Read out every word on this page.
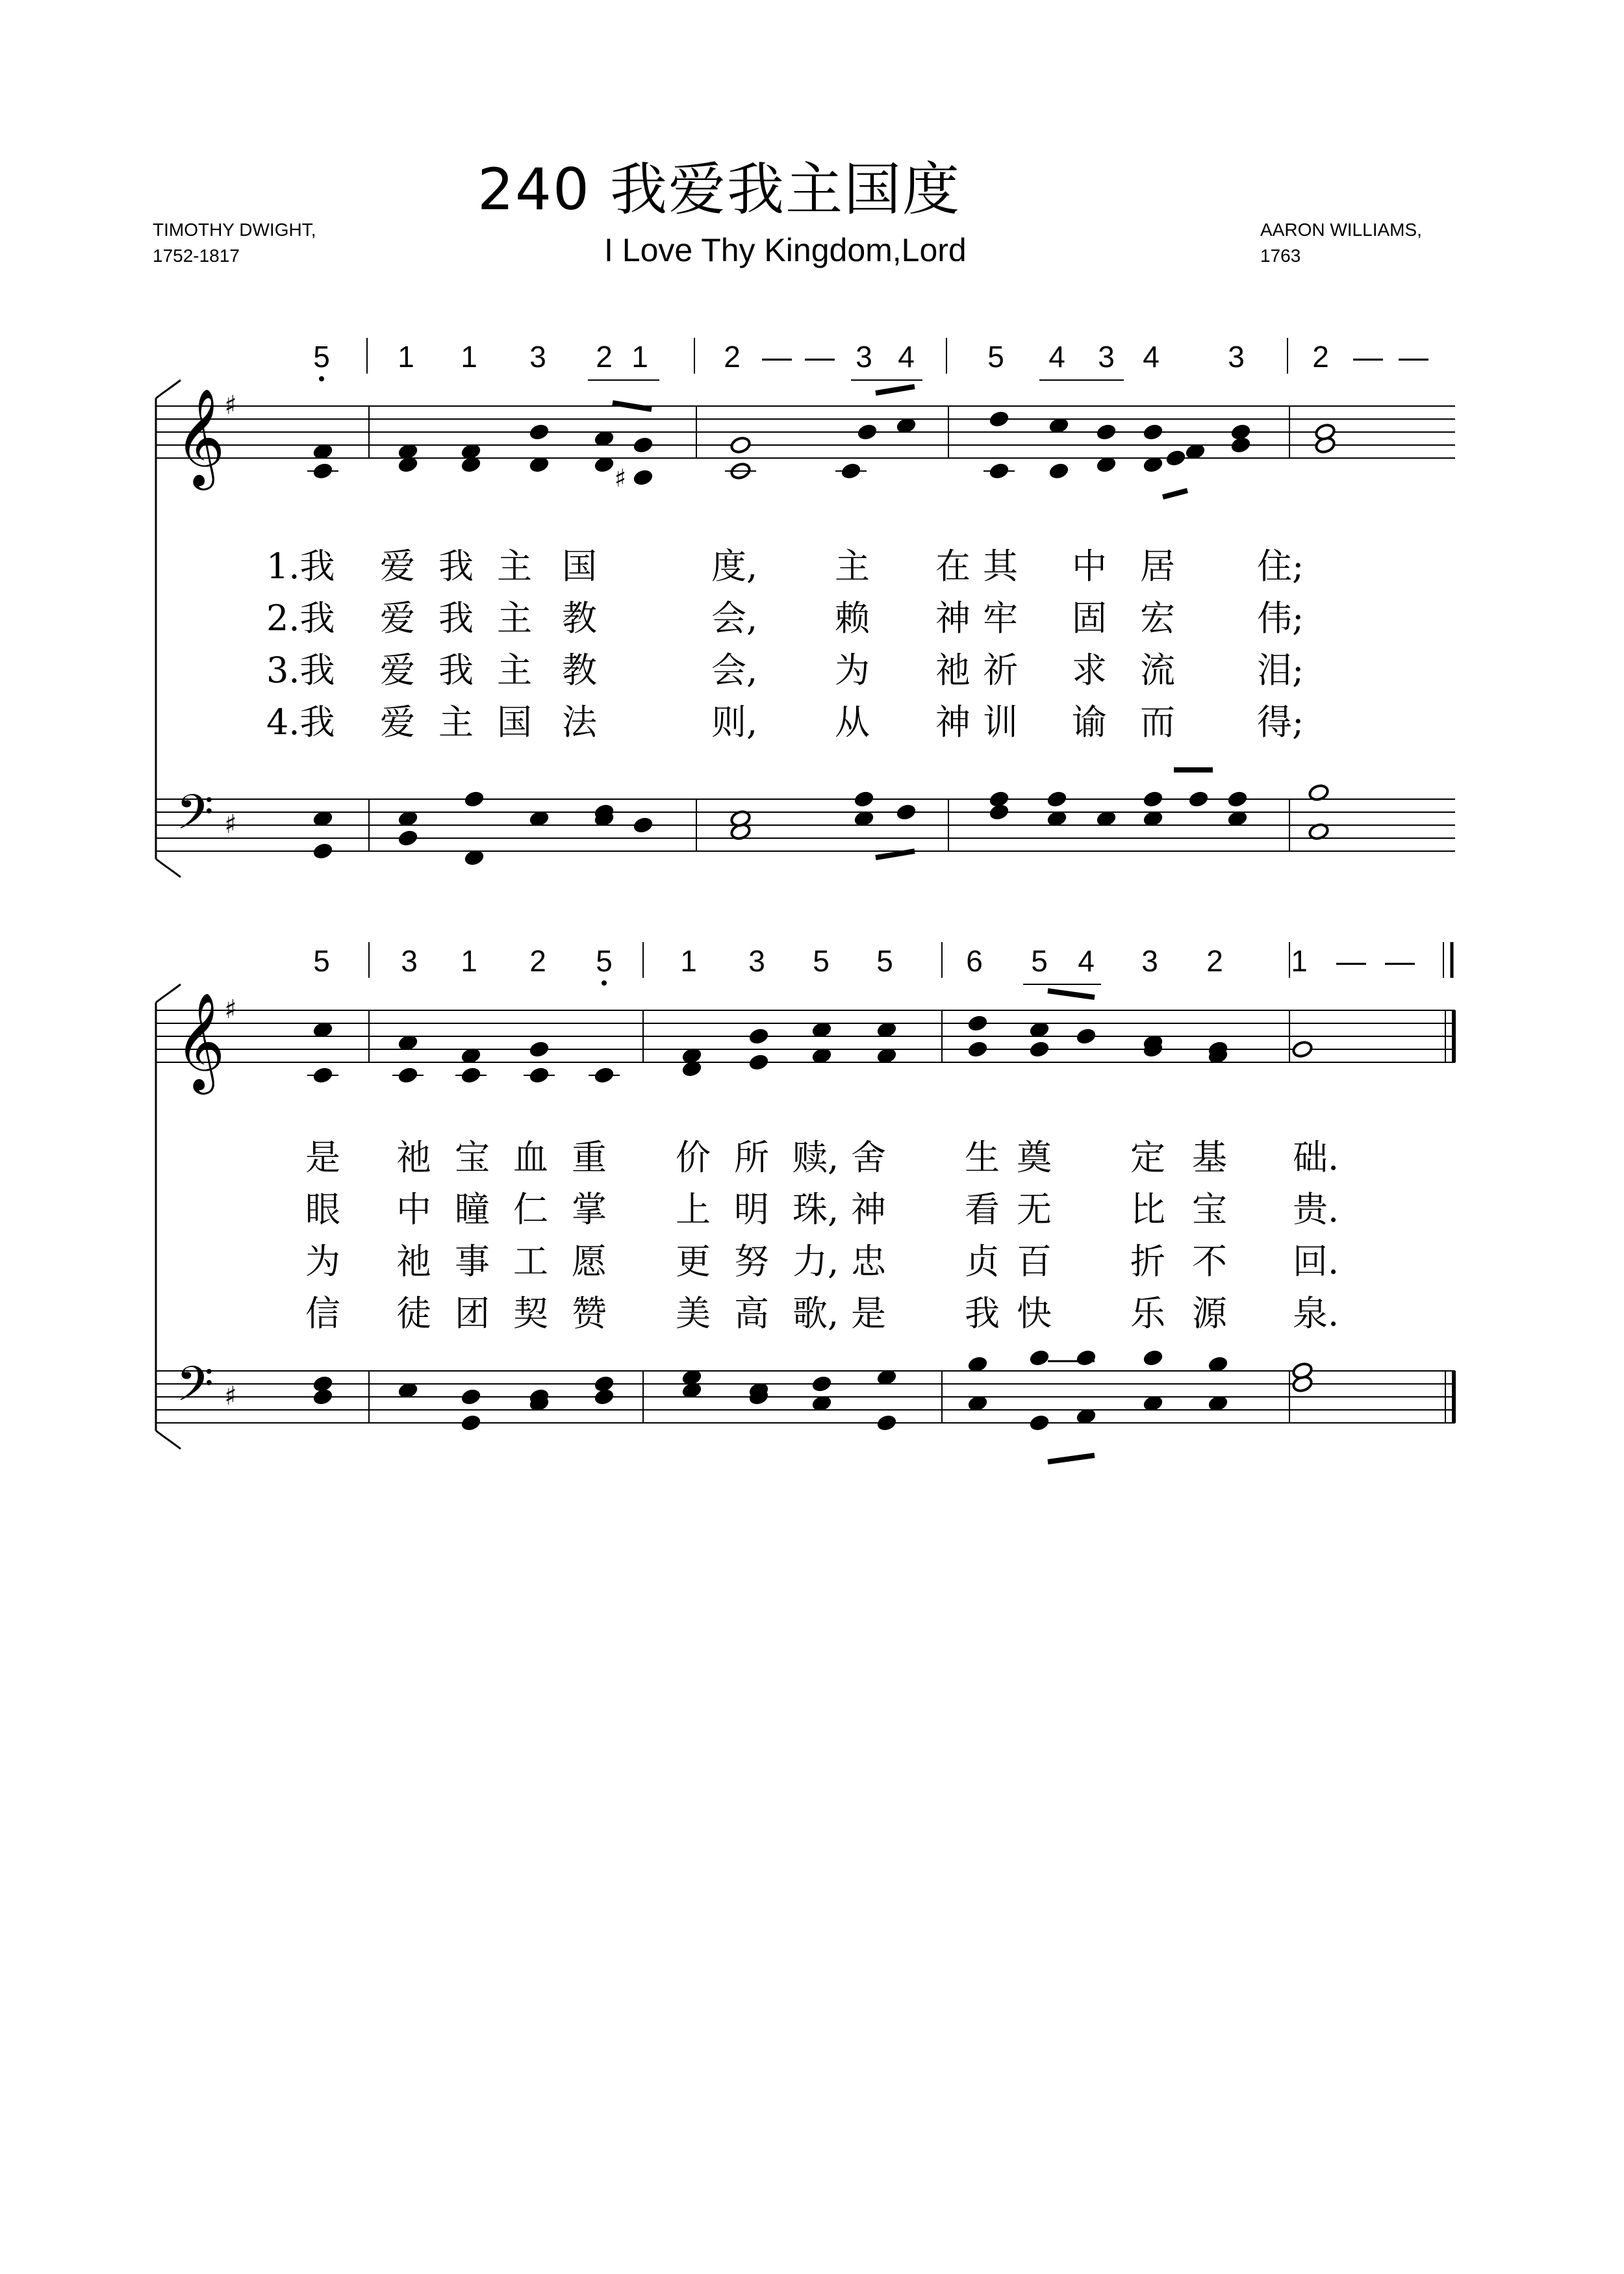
240 我爱我主国度
I Love Thy Kingdom,Lord
TIMOTHY DWIGHT,
1752-1817
AARON WILLIAMS,
1763
𝄞
𝄢
♯
♯
5 1 1 3 2 1	2 — — 3 4 5 4 3 4 3 2 — —
♯
1.我 爱 我 主 国	度, 主 在 其 中 居 住;
2.我 爱 我 主 教	会, 赖 神 牢 固 宏 伟;
3.我 爱 我 主 教	会, 为 祂 祈 求 流 泪;
4.我 爱 主 国 法	则, 从 神 训 谕 而 得;
𝄞
𝄢
♯
♯
5 3 1 2 5 1 3 5 5 6 5 4 3 2 1 — —
是 祂 宝 血 重 价 所 赎, 舍 生 奠 定 基 础.
眼 中 瞳 仁 掌 上 明 珠, 神 看 无 比 宝 贵.
为 祂 事 工 愿 更 努 力, 忠 贞 百 折 不 回.
信 徒 团 契 赞 美 高 歌, 是 我 快 乐 源 泉.
